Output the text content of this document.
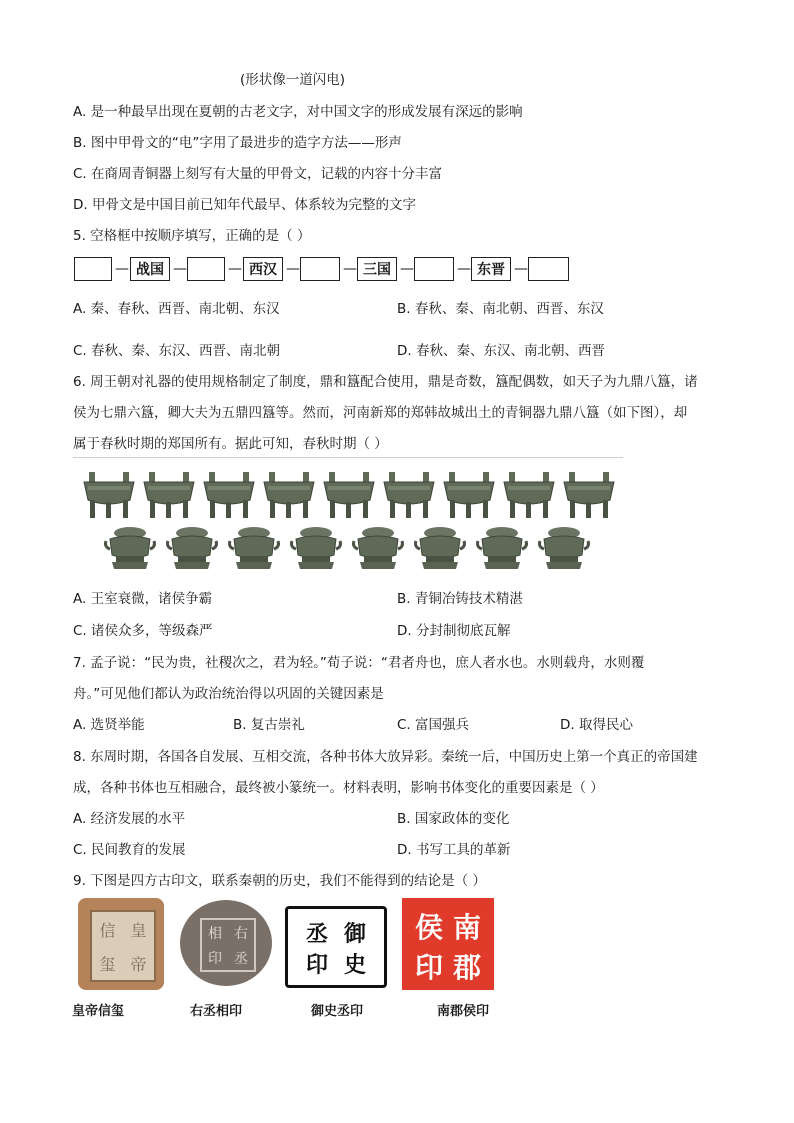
(形状像一道闪电)
A. 是一种最早出现在夏朝的古老文字，对中国文字的形成发展有深远的影响
B. 图中甲骨文的“电”字用了最进步的造字方法——形声
C. 在商周青铜器上刻写有大量的甲骨文，记载的内容十分丰富
D. 甲骨文是中国目前已知年代最早、体系较为完整的文字
5. 空格框中按顺序填写，正确的是（ ）
— 战国 —	— 西汉 —	— 三国 —	— 东晋 —
A. 秦、春秋、西晋、南北朝、东汉	B. 春秋、秦、南北朝、西晋、东汉
C. 春秋、秦、东汉、西晋、南北朝	D. 春秋、秦、东汉、南北朝、西晋
6. 周王朝对礼器的使用规格制定了制度，鼎和簋配合使用，鼎是奇数，簋配偶数，如天子为九鼎八簋，诸
侯为七鼎六簋，卿大夫为五鼎四簋等。然而，河南新郑的郑韩故城出土的青铜器九鼎八簋（如下图），却
属于春秋时期的郑国所有。据此可知，春秋时期（ ）
A. 王室衰微，诸侯争霸	B. 青铜冶铸技术精湛
C. 诸侯众多，等级森严	D. 分封制彻底瓦解
7. 孟子说：“民为贵，社稷次之，君为轻。”荀子说：“君者舟也，庶人者水也。水则载舟，水则覆
舟。”可见他们都认为政治统治得以巩固的关键因素是
A. 选贤举能	B. 复古崇礼	C. 富国强兵	D. 取得民心
8. 东周时期，各国各自发展、互相交流，各种书体大放异彩。秦统一后，中国历史上第一个真正的帝国建
成，各种书体也互相融合，最终被小篆统一。材料表明，影响书体变化的重要因素是（ ）
A. 经济发展的水平	B. 国家政体的变化
C. 民间教育的发展	D. 书写工具的革新
9. 下图是四方古印文，联系秦朝的历史，我们不能得到的结论是（ ）
信 皇
玺 帝
皇帝信玺
相 右
印 丞
右丞相印
丞 御
印 史
御史丞印
侯 南
印 郡
南郡侯印
